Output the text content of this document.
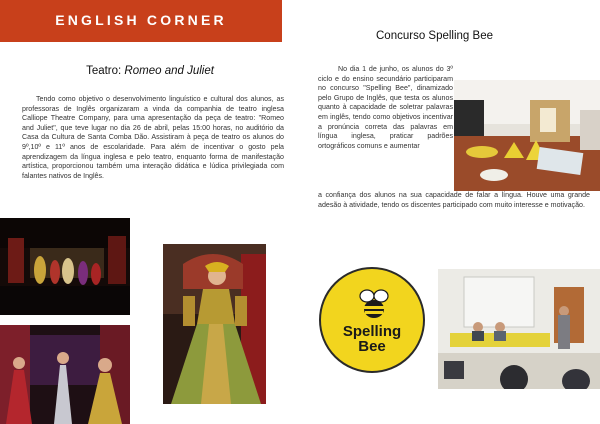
ENGLISH CORNER
Teatro: Romeo and Juliet

Tendo como objetivo o desenvolvimento linguístico e cultural dos alunos, as professoras de Inglês organizaram a vinda da companhia de teatro inglesa Calliope Theatre Company, para uma apresentação da peça de teatro: "Romeo and Juliet", que teve lugar no dia 26 de abril, pelas 15:00 horas, no auditório da Casa da Cultura de Santa Comba Dão. Assistiram à peça de teatro os alunos do 9º,10º e 11º anos de escolaridade. Para além de incentivar o gosto pela aprendizagem da língua inglesa e pelo teatro, enquanto forma de manifestação artística, proporcionou também uma interação didática e lúdica privilegiada com falantes nativos de Inglês.

Concurso Spelling Bee

No dia 1 de junho, os alunos do 3º ciclo e do ensino secundário participaram no concurso "Spelling Bee", dinamizado pelo Grupo de Inglês, que testa os alunos quanto à capacidade de soletrar palavras em inglês, tendo como objetivos incentivar a pronúncia correta das palavras em língua inglesa, praticar padrões ortográficos comuns e aumentar

a confiança dos alunos na sua capacidade de falar a língua. Houve uma grande adesão à atividade, tendo os discentes participado com muito interesse e motivação.

Spelling
Bee
